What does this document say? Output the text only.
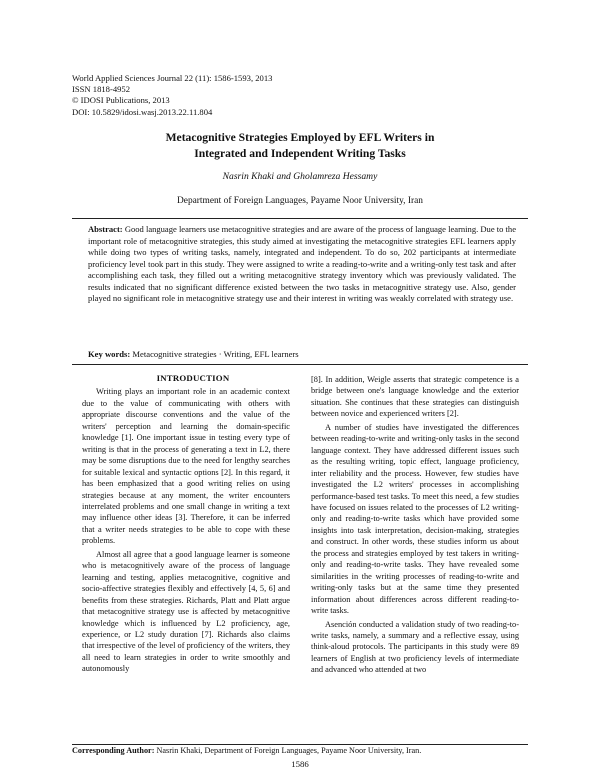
World Applied Sciences Journal 22 (11): 1586-1593, 2013
ISSN 1818-4952
© IDOSI Publications, 2013
DOI: 10.5829/idosi.wasj.2013.22.11.804
Metacognitive Strategies Employed by EFL Writers in
Integrated and Independent Writing Tasks
Nasrin Khaki and Gholamreza Hessamy
Department of Foreign Languages, Payame Noor University, Iran
Abstract: Good language learners use metacognitive strategies and are aware of the process of language learning. Due to the important role of metacognitive strategies, this study aimed at investigating the metacognitive strategies EFL learners apply while doing two types of writing tasks, namely, integrated and independent. To do so, 202 participants at intermediate proficiency level took part in this study. They were assigned to write a reading-to-write and a writing-only test task and after accomplishing each task, they filled out a writing metacognitive strategy inventory which was previously validated. The results indicated that no significant difference existed between the two tasks in metacognitive strategy use. Also, gender played no significant role in metacognitive strategy use and their interest in writing was weakly correlated with strategy use.
Key words: Metacognitive strategies · Writing, EFL learners

INTRODUCTION

Writing plays an important role in an academic context due to the value of communicating with others with appropriate discourse conventions and the value of the writers' perception and learning the domain-specific knowledge [1]. One important issue in testing every type of writing is that in the process of generating a text in L2, there may be some disruptions due to the need for lengthy searches for suitable lexical and syntactic options [2]. In this regard, it has been emphasized that a good writing relies on using strategies because at any moment, the writer encounters interrelated problems and one small change in writing a text may influence other ideas [3]. Therefore, it can be inferred that a writer needs strategies to be able to cope with these problems.

Almost all agree that a good language learner is someone who is metacognitively aware of the process of language learning and testing, applies metacognitive, cognitive and socio-affective strategies flexibly and effectively [4, 5, 6] and benefits from these strategies. Richards, Platt and Platt argue that metacognitive strategy use is affected by metacognitive knowledge which is influenced by L2 proficiency, age, experience, or L2 study duration [7]. Richards also claims that irrespective of the level of proficiency of the writers, they all need to learn strategies in order to write smoothly and autonomously

[8]. In addition, Weigle asserts that strategic competence is a bridge between one's language knowledge and the exterior situation. She continues that these strategies can distinguish between novice and experienced writers [2].

A number of studies have investigated the differences between reading-to-write and writing-only tasks in the second language context. They have addressed different issues such as the resulting writing, topic effect, language proficiency, inter reliability and the process. However, few studies have investigated the L2 writers' processes in accomplishing performance-based test tasks. To meet this need, a few studies have focused on issues related to the processes of L2 writing-only and reading-to-write tasks which have provided some insights into task interpretation, decision-making, strategies and construct. In other words, these studies inform us about the process and strategies employed by test takers in writing-only and reading-to-write tasks. They have revealed some similarities in the writing processes of reading-to-write and writing-only tasks but at the same time they presented information about differences across different reading-to-write tasks.

Asención conducted a validation study of two reading-to-write tasks, namely, a summary and a reflective essay, using think-aloud protocols. The participants in this study were 89 learners of English at two proficiency levels of intermediate and advanced who attended at two

Corresponding Author: Nasrin Khaki, Department of Foreign Languages, Payame Noor University, Iran.
1586
